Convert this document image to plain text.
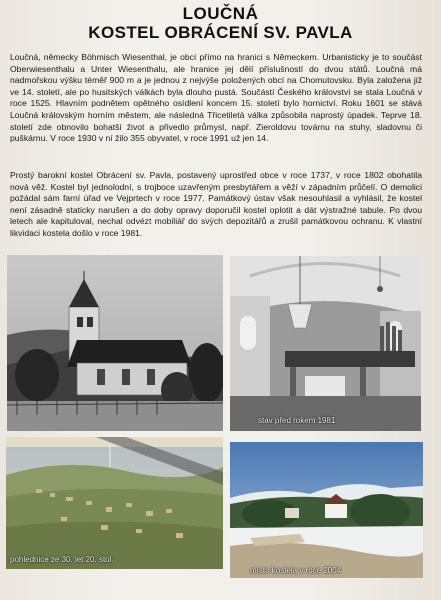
LOUČNÁ
KOSTEL OBRÁCENÍ SV. PAVLA
Loučná, německy Böhmisch Wiesenthal, je obcí přímo na hranici s Německem. Urbanisticky je to součást Oberwiesenthalu a Unter Wiesenthalu, ale hranice jej dělí příslušností do dvou států. Loučná má nadmořskou výšku téměř 900 m a je jednou z nejvýše položených obcí na Chomutovsku. Byla založena již ve 14. století, ale po husitských válkách byla dlouho pustá. Součástí Českého království se stala Loučná v roce 1525. Hlavním podnětem opětného osídlení koncem 15. století bylo hornictví. Roku 1601 se stává Loučná královským horním městem, ale následná Třicetiletá válka způsobila naprostý úpadek. Teprve 18. století zde obnovilo bohatší život a přivedlo průmysl, např. Zieroldovu továrnu na stuhy, sladovnu či puškárnu. V roce 1930 v ní žilo 355 obyvatel, v roce 1991 už jen 14.
Prostý barokní kostel Obrácení sv. Pavla, postavený uprostřed obce v roce 1737, v roce 1802 obohatila nová věž. Kostel byl jednolodní, s trojboce uzavřeným presbytářem a věží v západním průčelí. O demolici požádal sám farní úřad ve Vejprtech v roce 1977. Památkový ústav však nesouhlasil a vyhlásil, že kostel není zásadně staticky narušen a do doby opravy doporučil kostel oplotit a dát výstražné tabule. Po dvou letech ale kapituloval, nechal odvézt mobiliář do svých depozitářů a zrušil památkovou ochranu. K vlastní likvidaci kostela došlo v roce 1981.
stav před rokem 1981
pohlednice ze 30. let 20. stol.
místo kostela v roce 2004
